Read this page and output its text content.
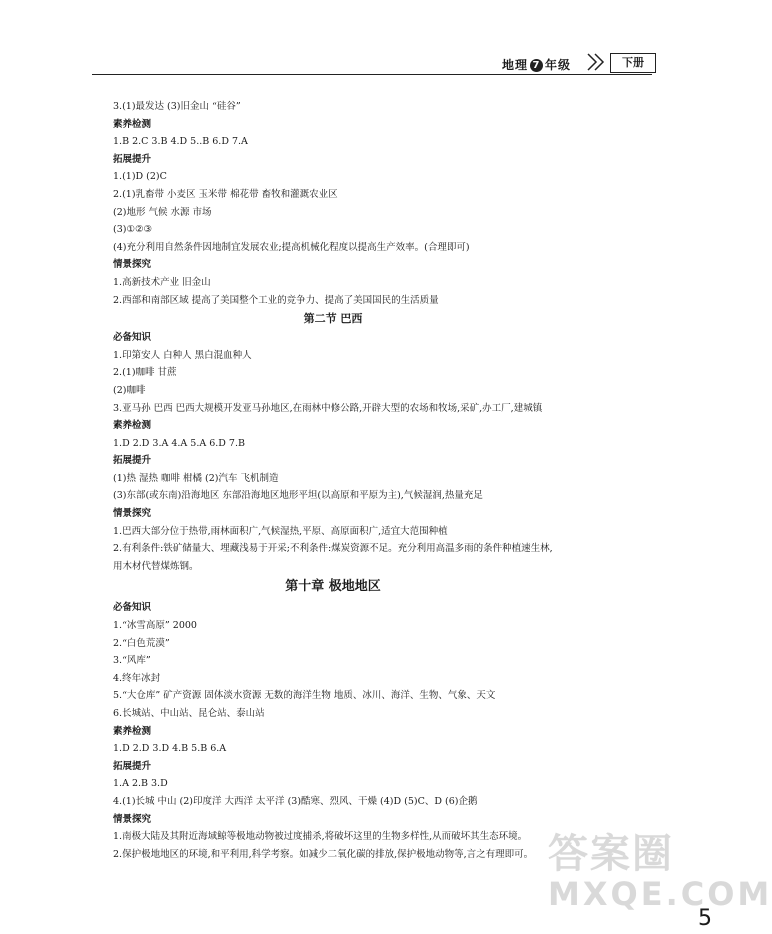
地理 7 年级	下册
3.(1)最发达 (3)旧金山 “硅谷”
素养检测
1.B 2.C 3.B 4.D 5..B 6.D 7.A
拓展提升
1.(1)D (2)C
2.(1)乳畜带 小麦区 玉米带 棉花带 畜牧和灌溉农业区
(2)地形 气候 水源 市场
(3)①②③
(4)充分利用自然条件因地制宜发展农业;提高机械化程度以提高生产效率。(合理即可)
情景探究
1.高新技术产业 旧金山
2.西部和南部区域 提高了美国整个工业的竞争力、提高了美国国民的生活质量
第二节 巴西
必备知识
1.印第安人 白种人 黑白混血种人
2.(1)咖啡 甘蔗
(2)咖啡
3.亚马孙 巴西 巴西大规模开发亚马孙地区,在雨林中修公路,开辟大型的农场和牧场,采矿,办工厂,建城镇
素养检测
1.D 2.D 3.A 4.A 5.A 6.D 7.B
拓展提升
(1)热 湿热 咖啡 柑橘 (2)汽车 飞机制造
(3)东部(或东南)沿海地区 东部沿海地区地形平坦(以高原和平原为主),气候湿润,热量充足
情景探究
1.巴西大部分位于热带,雨林面积广,气候湿热,平原、高原面积广,适宜大范围种植
2.有利条件:铁矿储量大、埋藏浅易于开采;不利条件:煤炭资源不足。充分利用高温多雨的条件种植速生林,用木材代替煤炼钢。
第十章 极地地区
必备知识
1.“冰雪高原” 2000
2.“白色荒漠”
3.“风库”
4.终年冰封
5.“大仓库” 矿产资源 固体淡水资源 无数的海洋生物 地质、冰川、海洋、生物、气象、天文
6.长城站、中山站、昆仑站、泰山站
素养检测
1.D 2.D 3.D 4.B 5.B 6.A
拓展提升
1.A 2.B 3.D
4.(1)长城 中山 (2)印度洋 大西洋 太平洋 (3)酷寒、烈风、干燥 (4)D (5)C、D (6)企鹅
情景探究
1.南极大陆及其附近海域鲸等极地动物被过度捕杀,将破坏这里的生物多样性,从而破坏其生态环境。
2.保护极地地区的环境,和平利用,科学考察。如减少二氧化碳的排放,保护极地动物等,言之有理即可。 答案圈
MXQE.COM
5
